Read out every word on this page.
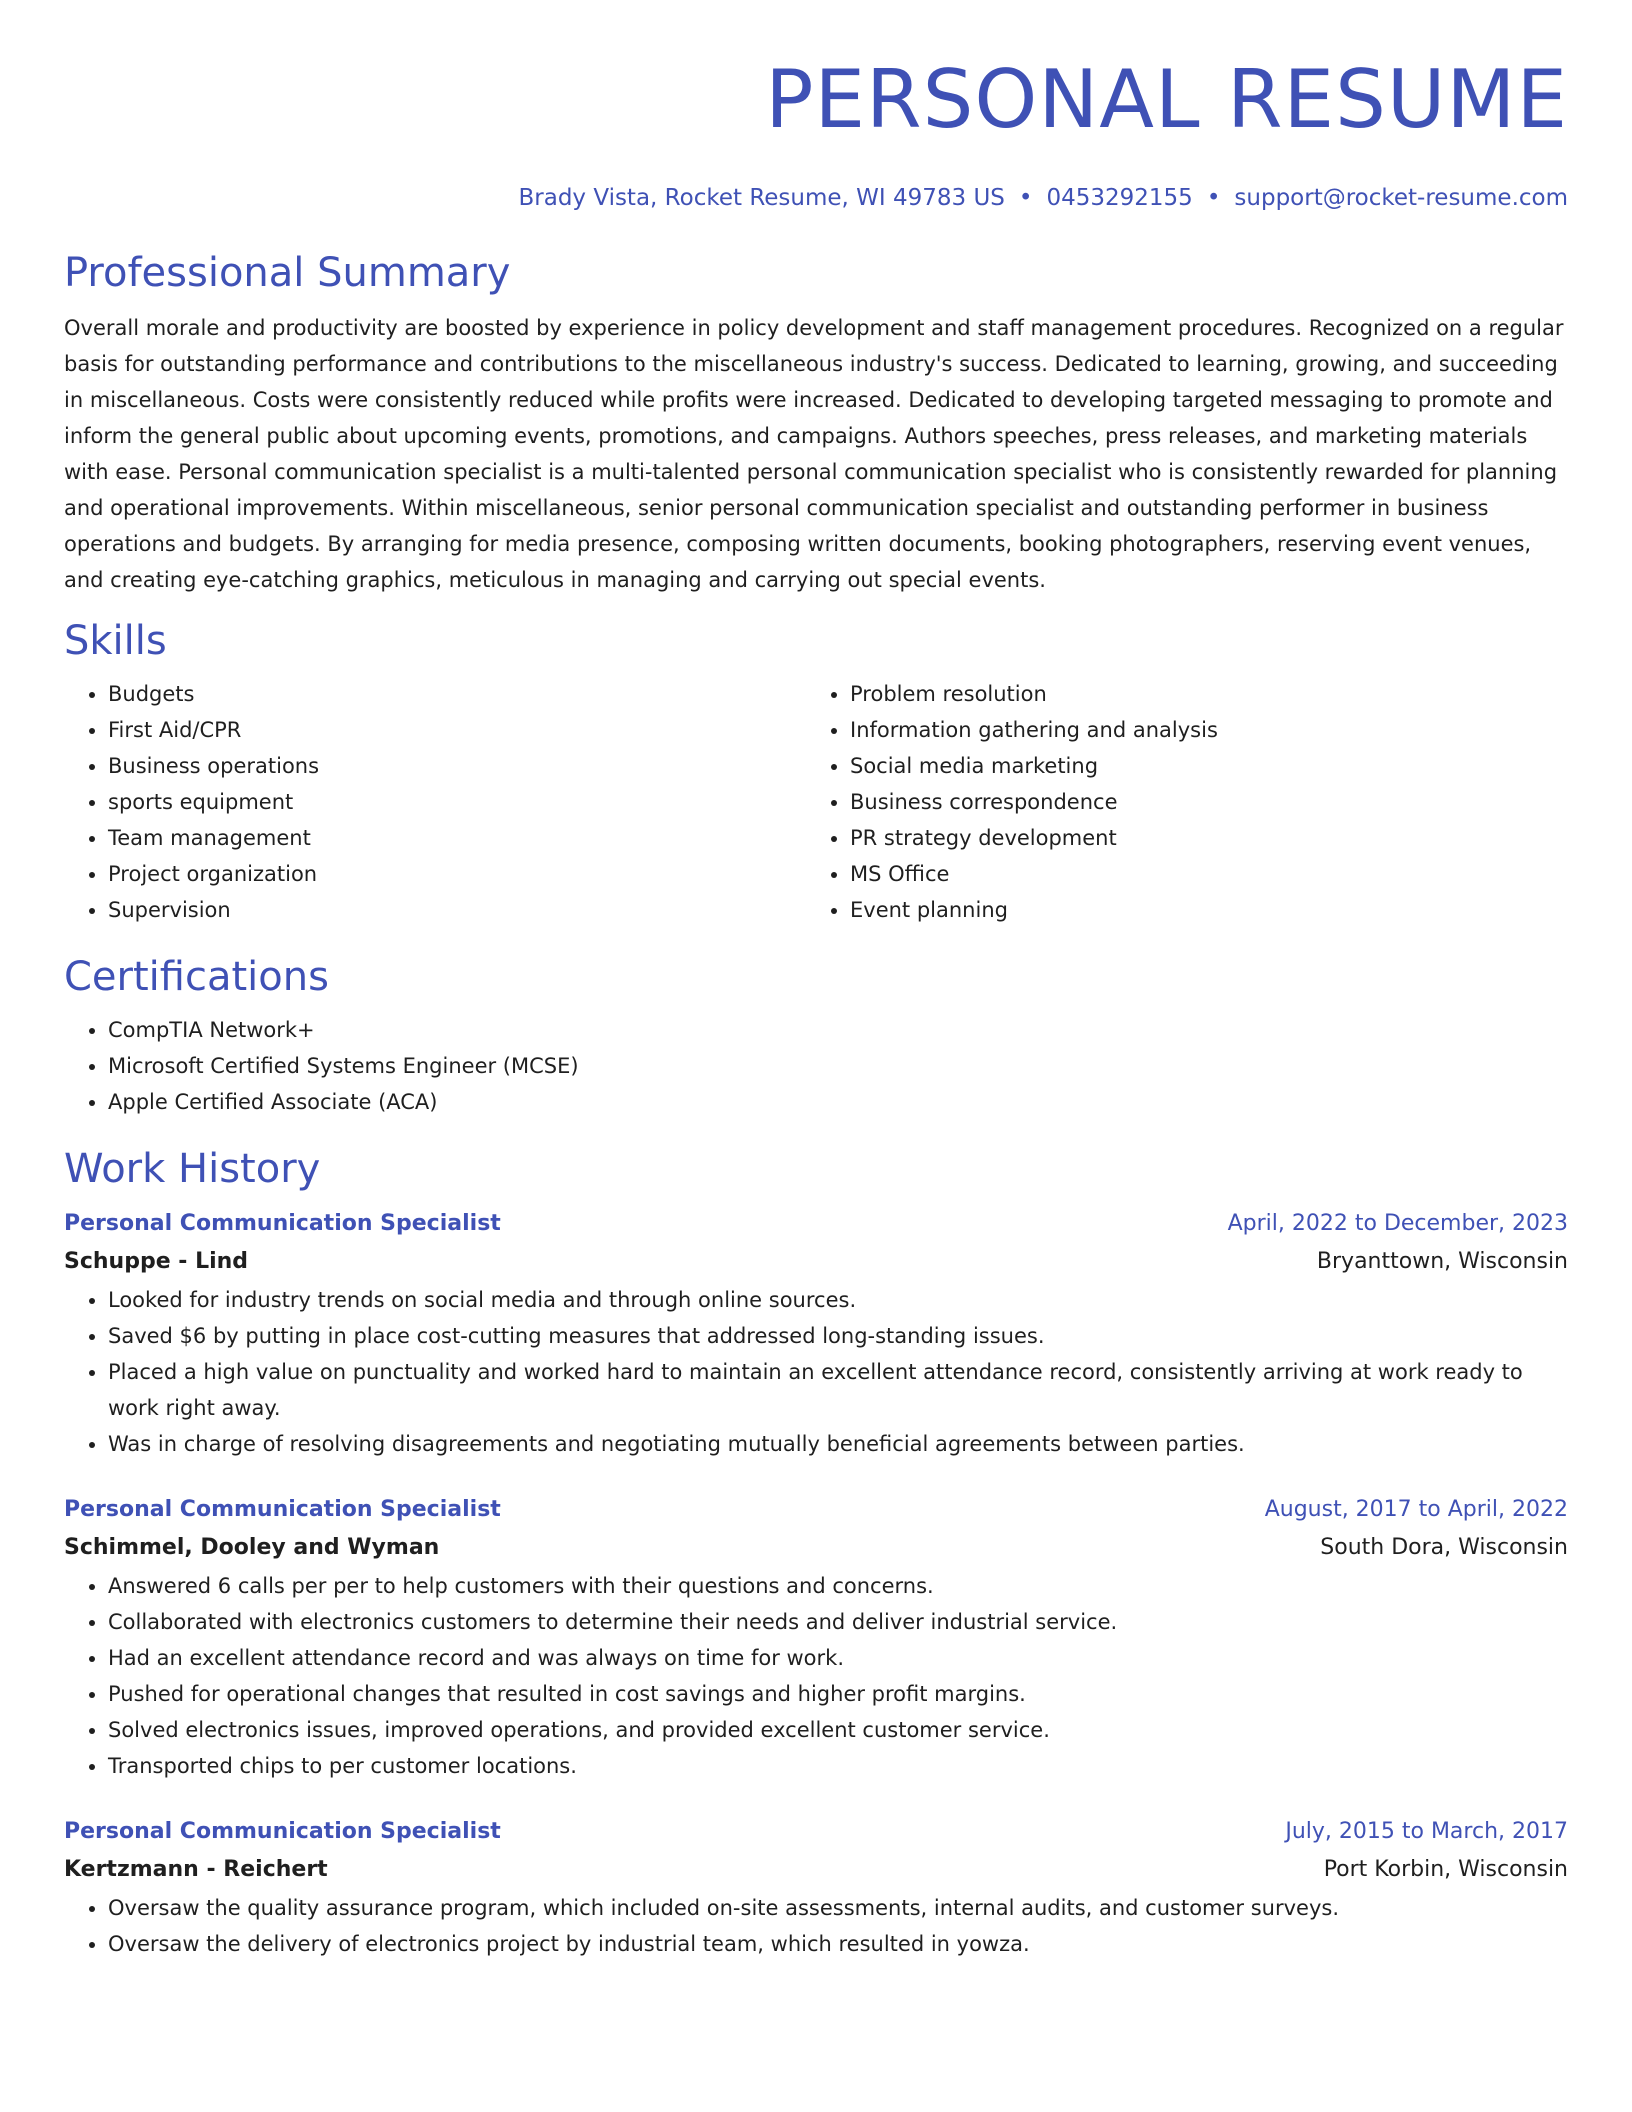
PERSONAL RESUME
Brady Vista, Rocket Resume, WI 49783 US • 0453292155 • support@rocket-resume.com
Professional Summary

Overall morale and productivity are boosted by experience in policy development and staff management procedures. Recognized on a regular basis for outstanding performance and contributions to the miscellaneous industry's success. Dedicated to learning, growing, and succeeding in miscellaneous. Costs were consistently reduced while profits were increased. Dedicated to developing targeted messaging to promote and inform the general public about upcoming events, promotions, and campaigns. Authors speeches, press releases, and marketing materials with ease. Personal communication specialist is a multi-talented personal communication specialist who is consistently rewarded for planning and operational improvements. Within miscellaneous, senior personal communication specialist and outstanding performer in business operations and budgets. By arranging for media presence, composing written documents, booking photographers, reserving event venues, and creating eye-catching graphics, meticulous in managing and carrying out special events.

Skills
• Budgets
• First Aid/CPR
• Business operations
• sports equipment
• Team management
• Project organization
• Supervision
• Problem resolution
• Information gathering and analysis
• Social media marketing
• Business correspondence
• PR strategy development
• MS Office
• Event planning
Certifications
• CompTIA Network+
• Microsoft Certified Systems Engineer (MCSE)
• Apple Certified Associate (ACA)
Work History
Personal Communication Specialist	April, 2022 to December, 2023
Schuppe - Lind	Bryanttown, Wisconsin
• Looked for industry trends on social media and through online sources.
• Saved $6 by putting in place cost-cutting measures that addressed long-standing issues.
• Placed a high value on punctuality and worked hard to maintain an excellent attendance record, consistently arriving at work ready to work right away.
• Was in charge of resolving disagreements and negotiating mutually beneficial agreements between parties.
Personal Communication Specialist	August, 2017 to April, 2022
Schimmel, Dooley and Wyman	South Dora, Wisconsin
• Answered 6 calls per per to help customers with their questions and concerns.
• Collaborated with electronics customers to determine their needs and deliver industrial service.
• Had an excellent attendance record and was always on time for work.
• Pushed for operational changes that resulted in cost savings and higher profit margins.
• Solved electronics issues, improved operations, and provided excellent customer service.
• Transported chips to per customer locations.
Personal Communication Specialist	July, 2015 to March, 2017
Kertzmann - Reichert	Port Korbin, Wisconsin
• Oversaw the quality assurance program, which included on-site assessments, internal audits, and customer surveys.
• Oversaw the delivery of electronics project by industrial team, which resulted in yowza.
